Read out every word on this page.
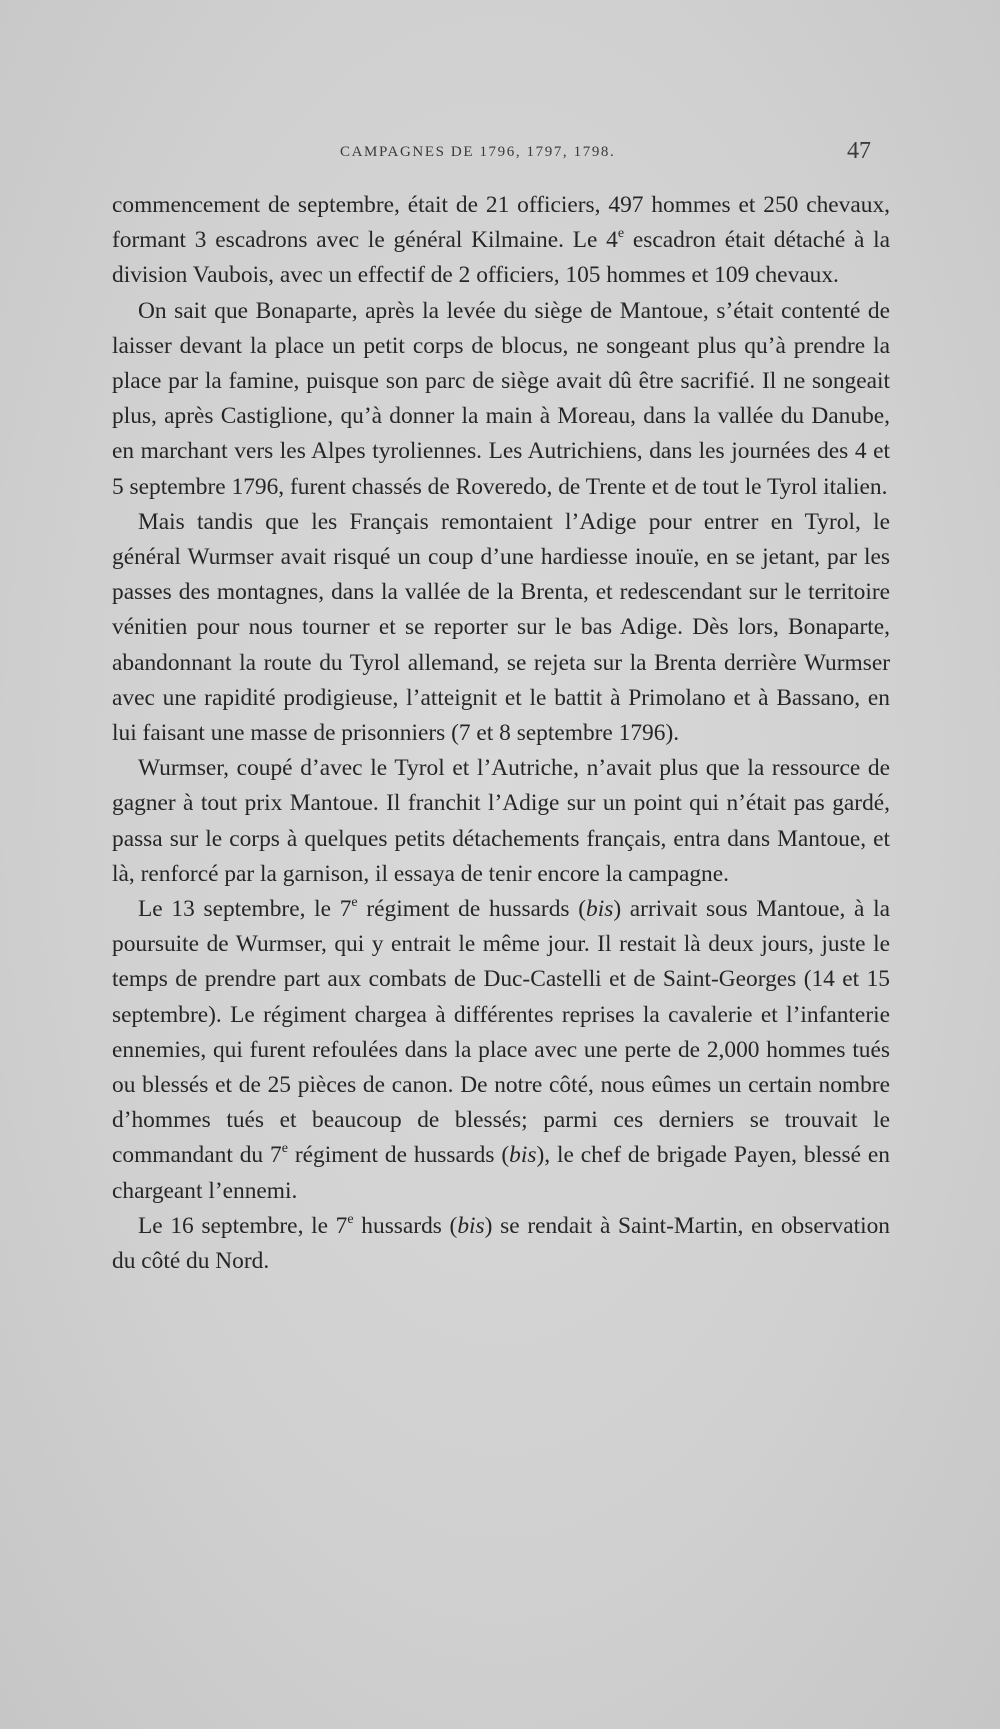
CAMPAGNES DE 1796, 1797, 1798.	47

commencement de septembre, était de 21 officiers, 497 hommes et 250 chevaux, formant 3 escadrons avec le général Kilmaine. Le 4e escadron était détaché à la division Vaubois, avec un effectif de 2 officiers, 105 hommes et 109 chevaux.

On sait que Bonaparte, après la levée du siège de Mantoue, s’était contenté de laisser devant la place un petit corps de blocus, ne songeant plus qu’à prendre la place par la famine, puisque son parc de siège avait dû être sacrifié. Il ne songeait plus, après Castiglione, qu’à donner la main à Moreau, dans la vallée du Danube, en marchant vers les Alpes tyroliennes. Les Autrichiens, dans les journées des 4 et 5 septembre 1796, furent chassés de Roveredo, de Trente et de tout le Tyrol italien.

Mais tandis que les Français remontaient l’Adige pour entrer en Tyrol, le général Wurmser avait risqué un coup d’une hardiesse inouïe, en se jetant, par les passes des montagnes, dans la vallée de la Brenta, et redescendant sur le territoire vénitien pour nous tourner et se reporter sur le bas Adige. Dès lors, Bonaparte, abandonnant la route du Tyrol allemand, se rejeta sur la Brenta derrière Wurmser avec une rapidité prodigieuse, l’atteignit et le battit à Primolano et à Bassano, en lui faisant une masse de prisonniers (7 et 8 septembre 1796).

Wurmser, coupé d’avec le Tyrol et l’Autriche, n’avait plus que la ressource de gagner à tout prix Mantoue. Il franchit l’Adige sur un point qui n’était pas gardé, passa sur le corps à quelques petits détachements français, entra dans Mantoue, et là, renforcé par la garnison, il essaya de tenir encore la campagne.

Le 13 septembre, le 7e régiment de hussards (bis) arrivait sous Mantoue, à la poursuite de Wurmser, qui y entrait le même jour. Il restait là deux jours, juste le temps de prendre part aux combats de Duc-Castelli et de Saint-Georges (14 et 15 septembre). Le régiment chargea à différentes reprises la cavalerie et l’infanterie ennemies, qui furent refoulées dans la place avec une perte de 2,000 hommes tués ou blessés et de 25 pièces de canon. De notre côté, nous eûmes un certain nombre d’hommes tués et beaucoup de blessés; parmi ces derniers se trouvait le commandant du 7e régiment de hussards (bis), le chef de brigade Payen, blessé en chargeant l’ennemi.

Le 16 septembre, le 7e hussards (bis) se rendait à Saint-Martin, en observation du côté du Nord.
